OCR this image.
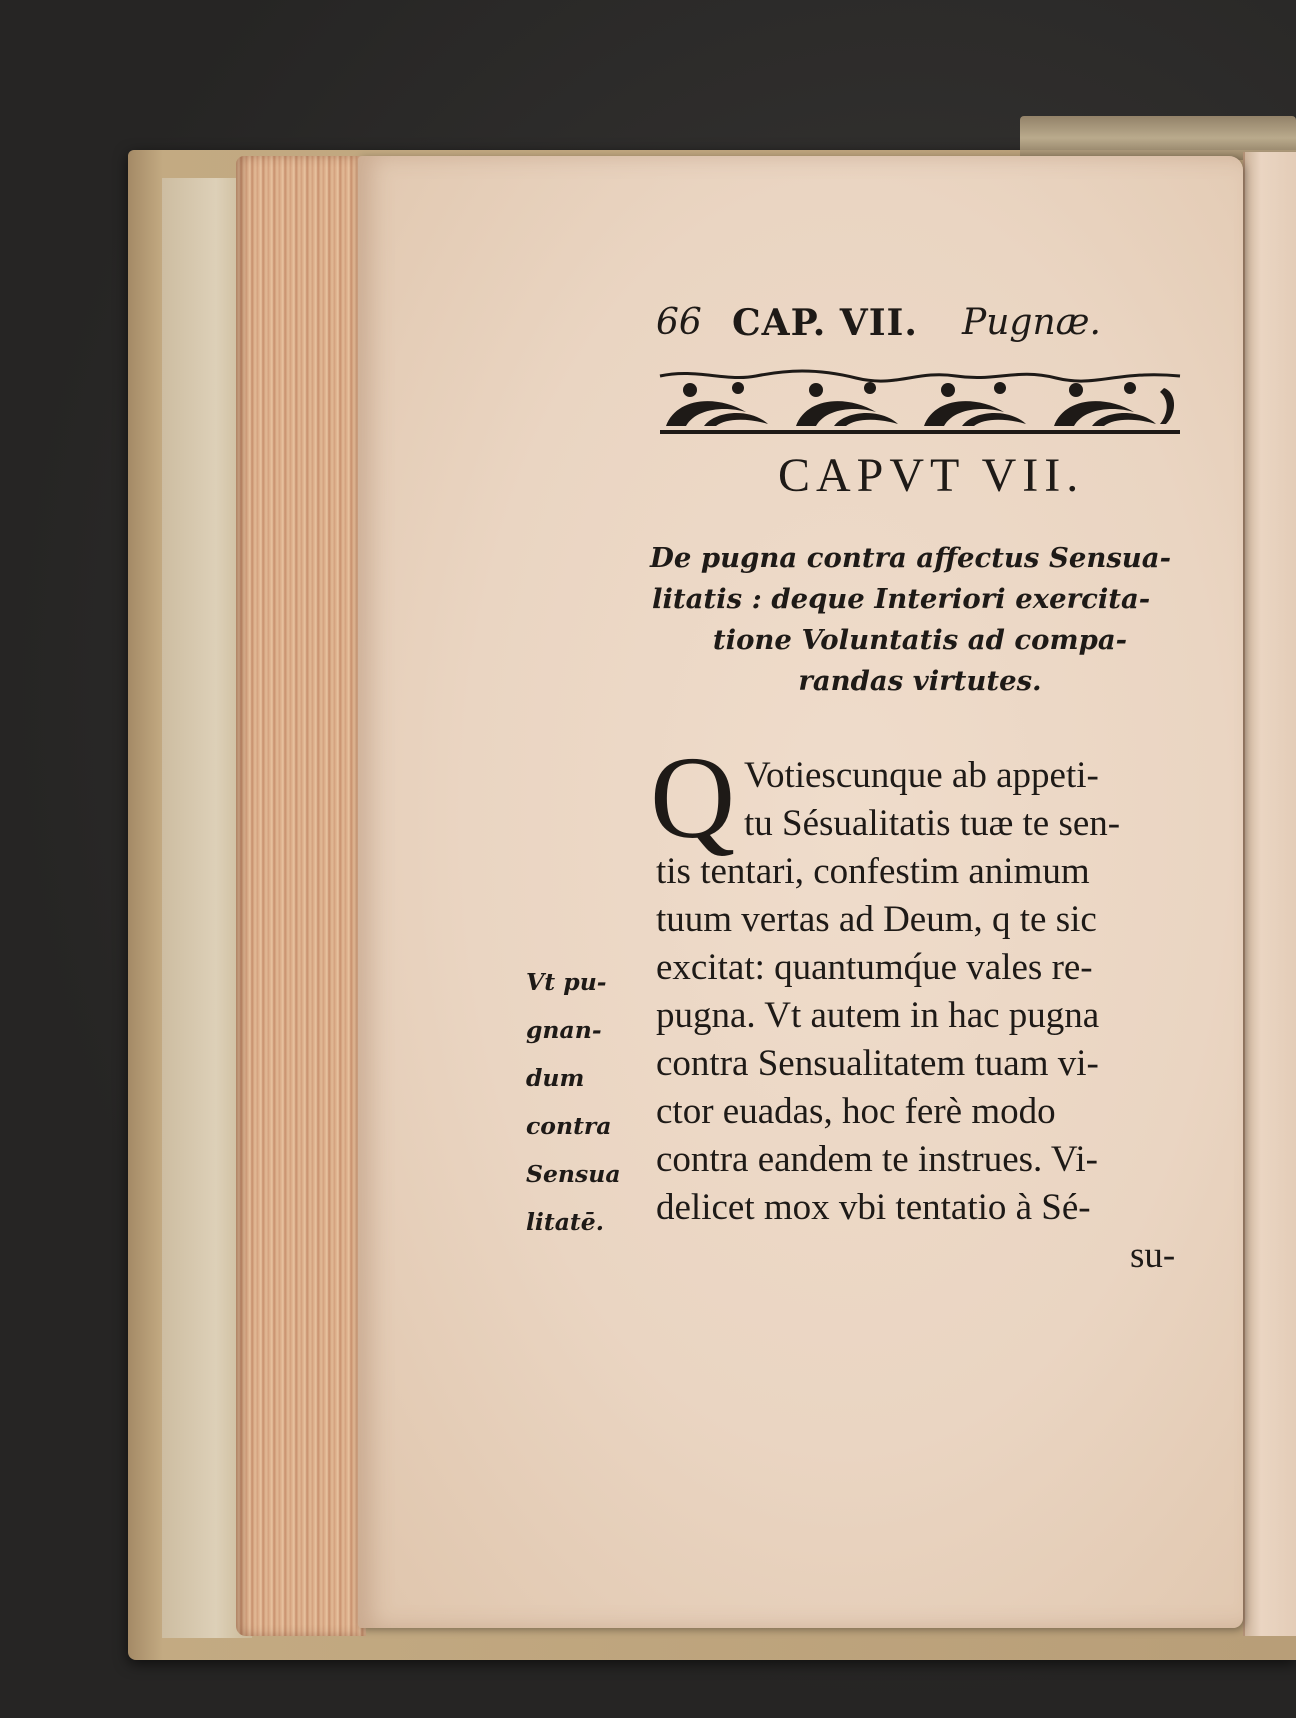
66 CAP. VII. Pugnæ.
CAPVT VII.
De pugna contra affectus Sensua-
litatis : deque Interiori exercita-
tione Voluntatis ad compa-
randas virtutes.
Q Votiescunque ab appeti-
tu Sésualitatis tuæ te sen-
tis tentari, confestim animum
tuum vertas ad Deum, q te sic
excitat: quantumq́ue vales re-
pugna. Vt autem in hac pugna
contra Sensualitatem tuam vi-
ctor euadas, hoc ferè modo
contra eandem te instrues. Vi-
delicet mox vbi tentatio à Sé-
su-
Vt pu-
gnan-
dum
contra
Sensua
litatē.
